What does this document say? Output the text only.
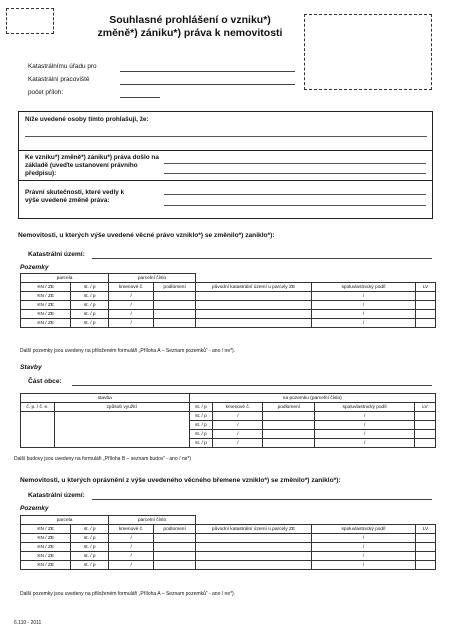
Souhlasné prohlášení o vzniku*)
změně*) zániku*) práva k nemovitosti
Katastrálnímu úřadu pro
Katastrální pracoviště
počet příloh:
Níže uvedené osoby tímto prohlašují, že:
Ke vzniku*) změně*) zániku*) práva došlo na základě (uveďte ustanovení právního předpisu):
Právní skutečnosti, které vedly k výše uvedené změně práva:
Nemovitosti, u kterých výše uvedené věcné právo vzniklo*) se změnilo*) zaniklo*):
Katastrální území:
Pozemky
parcela		parcelní číslo				
KN / ZE	st. / p	kmenové č.	podlomení	původní katastrální území u parcely ZE	spoluvlastnický podíl	LV
KN / ZE	st. / p	/			/	
KN / ZE	st. / p	/			/	
KN / ZE	st. / p	/			/	
KN / ZE	st. / p	/			/	
Další pozemky jsou uvedeny na přiloženém formuláři „Příloha A – Seznam pozemků“ - ano / ne*).
Stavby
Část obce:
stavba		na pozemku (parcelní číslo)				
č. p. / č. e.	způsob využití	st. / p	kmenové č.	podlomení	spoluvlastnický podíl	LV
		st. / p	/		/	
		st. / p	/		/	
		st. / p	/		/	
		st. / p	/		/	
Další budovy jsou uvedeny na formuláři „Příloha B – seznam budov“ - ano / ne*)
Nemovitosti, u kterých oprávnění z výše uvedeného věcného břemene vzniklo*) se změnilo*) zaniklo*):
Katastrální území:
Pozemky
parcela		parcelní číslo				
KN / ZE	st. / p	kmenové č.	podlomení	původní katastrální území u parcely ZE	spoluvlastnický podíl	LV
KN / ZE	st. / p	/			/	
KN / ZE	st. / p	/			/	
KN / ZE	st. / p	/			/	
KN / ZE	st. / p	/			/	
Další pozemky jsou uvedeny na přiloženém formuláři „Příloha A – Seznam pozemků“ - ano / ne*).
6.110 - 2011
